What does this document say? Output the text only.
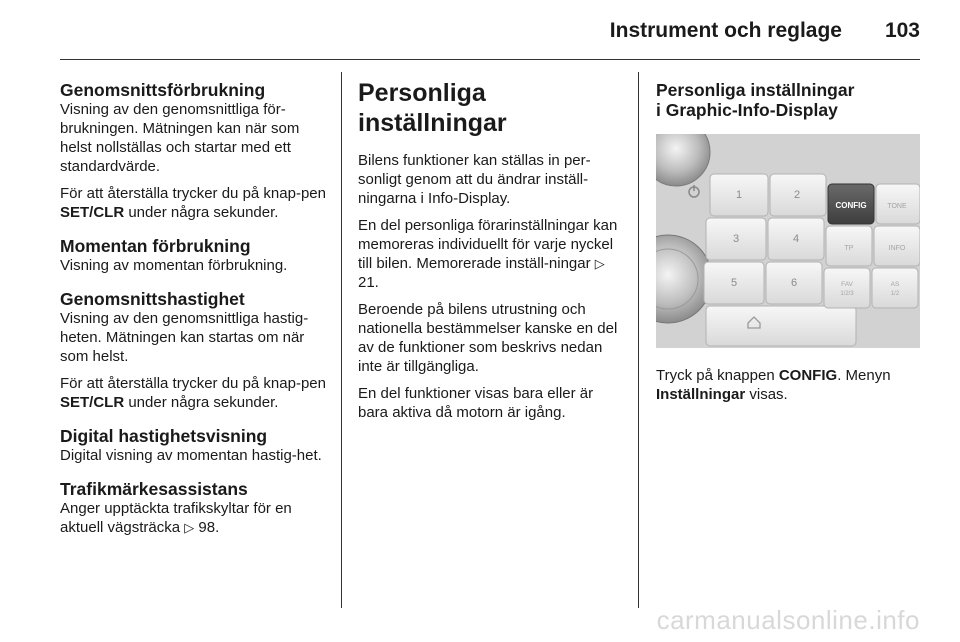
Instrument och reglage 103
Genomsnittsförbrukning

Visning av den genomsnittliga för-brukningen. Mätningen kan när som helst nollställas och startar med ett standardvärde.

För att återställa trycker du på knap-pen SET/CLR under några sekunder.

Momentan förbrukning

Visning av momentan förbrukning.

Genomsnittshastighet

Visning av den genomsnittliga hastig-heten. Mätningen kan startas om när som helst.

För att återställa trycker du på knap-pen SET/CLR under några sekunder.

Digital hastighetsvisning

Digital visning av momentan hastig-het.

Trafikmärkesassistans

Anger upptäckta trafikskyltar för en aktuell vägsträcka ▷ 98.

Personliga inställningar

Bilens funktioner kan ställas in per-sonligt genom att du ändrar inställ-ningarna i Info-Display.

En del personliga förarinställningar kan memoreras individuellt för varje nyckel till bilen. Memorerade inställ-ningar ▷ 21.

Beroende på bilens utrustning och nationella bestämmelser kanske en del av de funktioner som beskrivs nedan inte är tillgängliga.

En del funktioner visas bara eller är bara aktiva då motorn är igång.

Personliga inställningar
i Graphic-Info-Display
1	2
3	4
5	6
CONFIG	TONE
TP	INFO
FAV
1/2/3
AS
1/2

Tryck på knappen CONFIG. Menyn Inställningar visas.

carmanualsonline.info
